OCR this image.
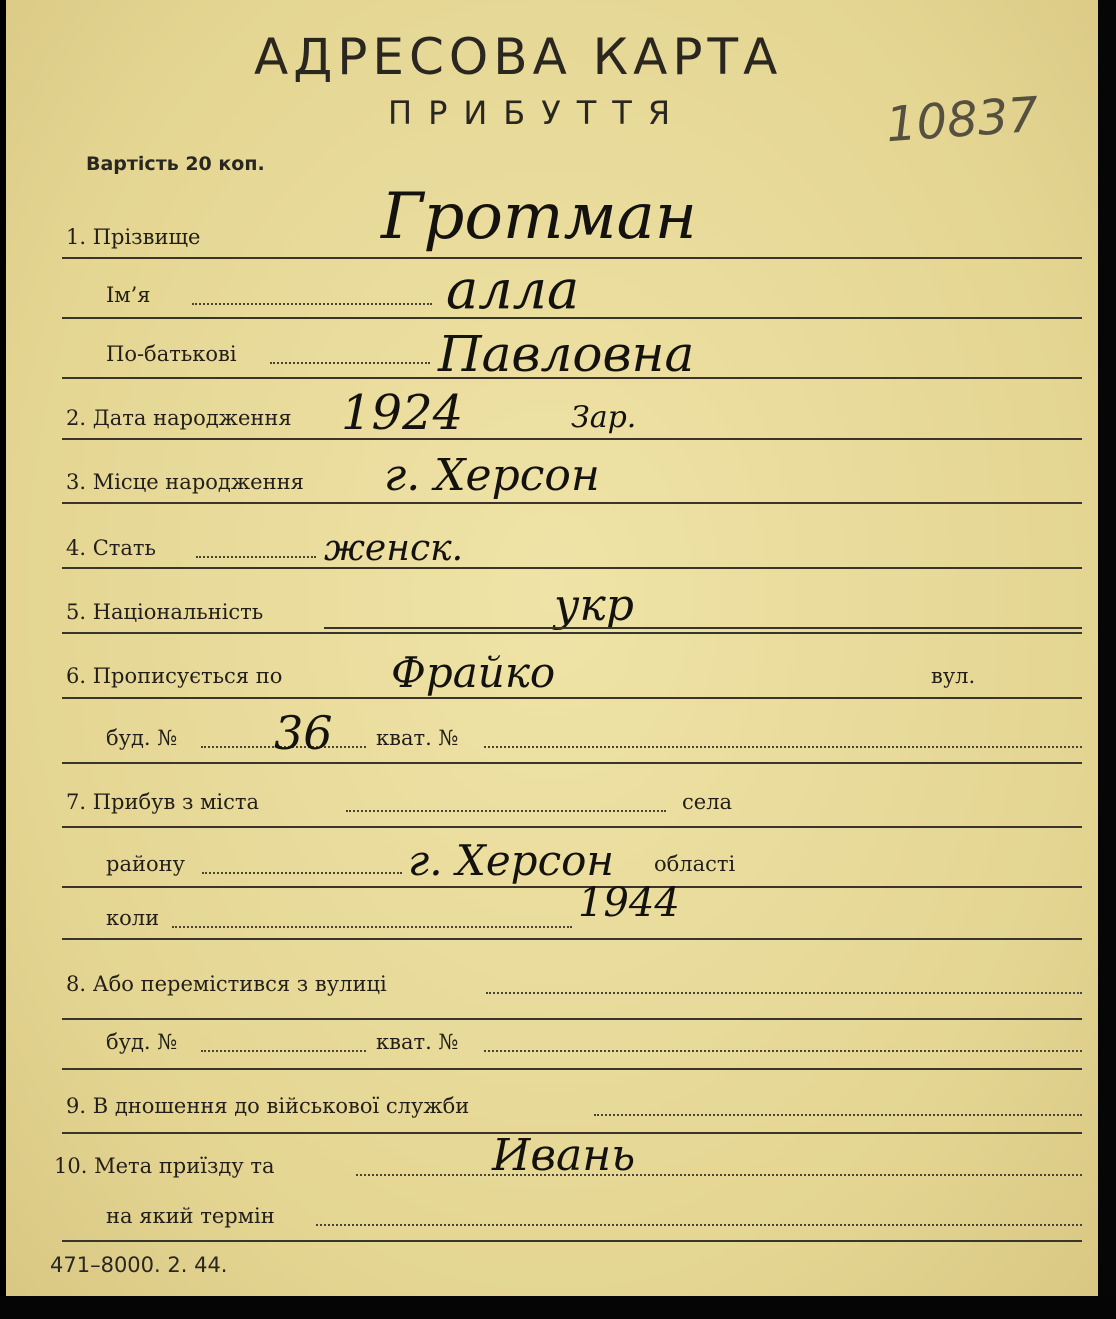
АДРЕСОВА КАРТА
ПРИБУТТЯ
Вартість 20 коп.
10837
1. Прізвище	Гротман
Ім’я	алла
По-батькові	Павловна
2. Дата народження 1924	Зар.
3. Місце народження г. Херсон
4. Стать	женск.
5. Національність	укр
6. Прописується по	Фрайко	вул.
буд. № 36 кват. №
7. Прибув з міста	села
району	г. Херсон області
коли	1944
8. Або перемістився з вулиці
буд. №	кват. №
9. В дношення до військової служби
10. Мета приїзду та	Ивань
на який термін
471–8000. 2. 44.
